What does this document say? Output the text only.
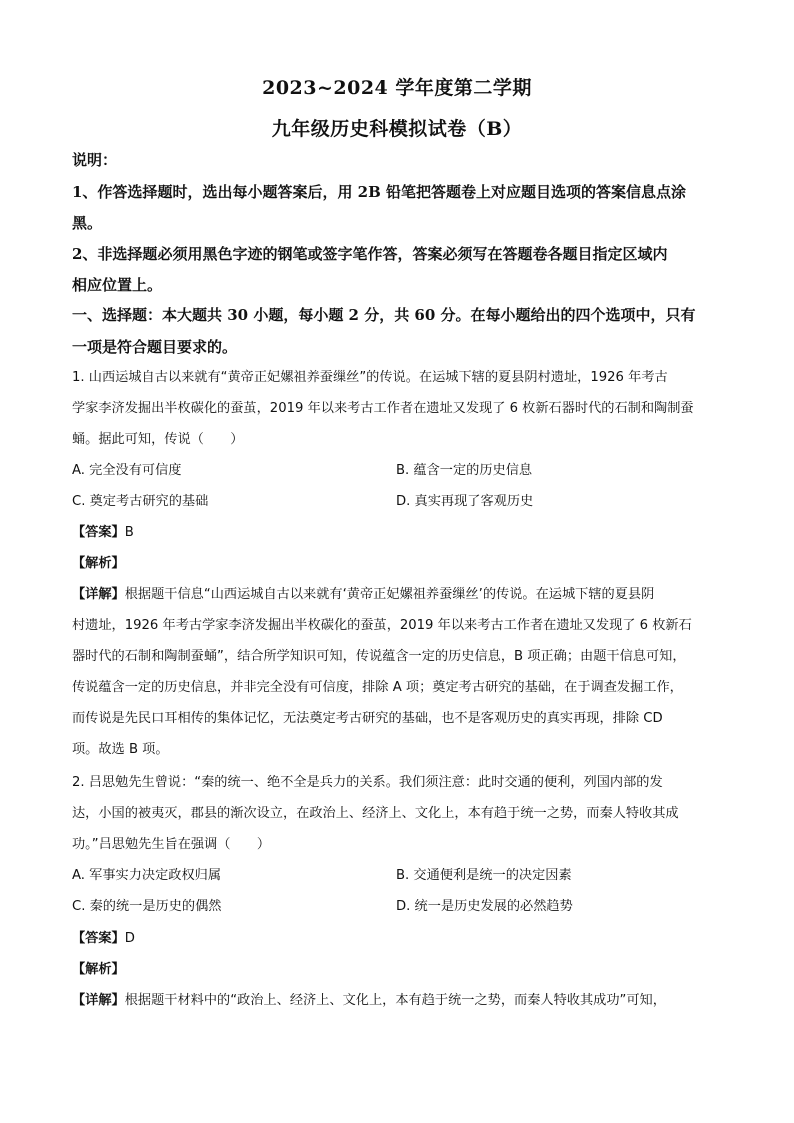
2023~2024 学年度第二学期
九年级历史科模拟试卷（B）
说明：
1、作答选择题时，选出每小题答案后，用 2B 铅笔把答题卷上对应题目选项的答案信息点涂
黑。
2、非选择题必须用黑色字迹的钢笔或签字笔作答，答案必须写在答题卷各题目指定区域内
相应位置上。
一、选择题：本大题共 30 小题，每小题 2 分，共 60 分。在每小题给出的四个选项中，只有
一项是符合题目要求的。
1. 山西运城自古以来就有“黄帝正妃嫘祖养蚕缫丝”的传说。在运城下辖的夏县阴村遗址，1926 年考古
学家李济发掘出半枚碳化的蚕茧，2019 年以来考古工作者在遗址又发现了 6 枚新石器时代的石制和陶制蚕
蛹。据此可知，传说（　　）
A. 完全没有可信度	B. 蕴含一定的历史信息
C. 奠定考古研究的基础	D. 真实再现了客观历史
【答案】B
【解析】
【详解】根据题干信息“山西运城自古以来就有‘黄帝正妃嫘祖养蚕缫丝’的传说。在运城下辖的夏县阴
村遗址，1926 年考古学家李济发掘出半枚碳化的蚕茧，2019 年以来考古工作者在遗址又发现了 6 枚新石
器时代的石制和陶制蚕蛹”，结合所学知识可知，传说蕴含一定的历史信息，B 项正确；由题干信息可知，
传说蕴含一定的历史信息，并非完全没有可信度，排除 A 项；奠定考古研究的基础，在于调查发掘工作，
而传说是先民口耳相传的集体记忆，无法奠定考古研究的基础，也不是客观历史的真实再现，排除 CD
项。故选 B 项。
2. 吕思勉先生曾说：“秦的统一、绝不全是兵力的关系。我们须注意：此时交通的便利，列国内部的发
达，小国的被夷灭，郡县的渐次设立，在政治上、经济上、文化上，本有趋于统一之势，而秦人特收其成
功。”吕思勉先生旨在强调（　　）
A. 军事实力决定政权归属	B. 交通便利是统一的决定因素
C. 秦的统一是历史的偶然	D. 统一是历史发展的必然趋势
【答案】D
【解析】
【详解】根据题干材料中的“政治上、经济上、文化上，本有趋于统一之势，而秦人特收其成功”可知，
